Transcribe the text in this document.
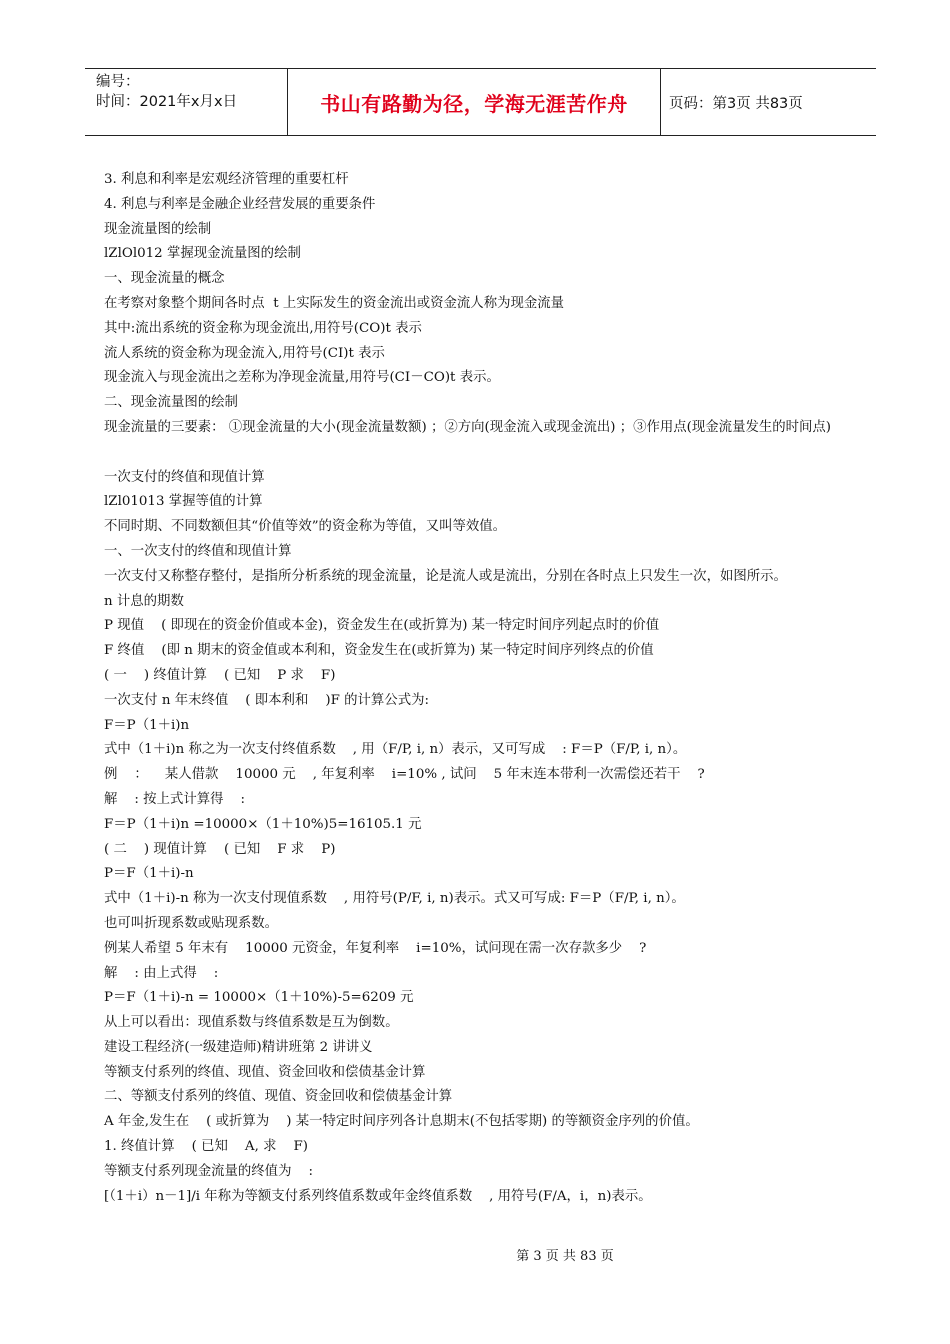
编号：
时间：2021年x月x日	书山有路勤为径，学海无涯苦作舟	页码：第3页 共83页

3. 利息和利率是宏观经济管理的重要杠杆

4. 利息与利率是金融企业经营发展的重要条件

现金流量图的绘制

lZlOl012 掌握现金流量图的绘制

一、现金流量的概念

在考察对象整个期间各时点  t 上实际发生的资金流出或资金流人称为现金流量

其中:流出系统的资金称为现金流出,用符号(CO)t 表示

流人系统的资金称为现金流入,用符号(CI)t 表示

现金流入与现金流出之差称为净现金流量,用符号(CI－CO)t 表示。

二、现金流量图的绘制

现金流量的三要素： ①现金流量的大小(现金流量数额) ；②方向(现金流入或现金流出) ；③作用点(现金流量发生的时间点)

一次支付的终值和现值计算

lZl01013 掌握等值的计算

不同时期、不同数额但其“价值等效”的资金称为等值，又叫等效值。

一、一次支付的终值和现值计算

一次支付又称整存整付，是指所分析系统的现金流量，论是流人或是流出，分别在各时点上只发生一次，如图所示。

n 计息的期数

P 现值    ( 即现在的资金价值或本金)，资金发生在(或折算为) 某一特定时间序列起点时的价值

F 终值    (即 n 期末的资金值或本利和，资金发生在(或折算为) 某一特定时间序列终点的价值

( 一    ) 终值计算    ( 已知    P 求    F)

一次支付 n 年末终值    ( 即本利和    )F 的计算公式为:

F＝P（1＋i)n

式中（1＋i)n 称之为一次支付终值系数    , 用（F/P, i, n）表示，又可写成    : F＝P（F/P, i, n）。

例    ：    某人借款    10000 元    , 年复利率    i=10% , 试问    5 年末连本带利一次需偿还若干    ?

解    : 按上式计算得    :

F＝P（1＋i)n =10000×（1＋10%)5=16105.1 元

( 二    ) 现值计算    ( 已知    F 求    P)

P＝F（1＋i)-n

式中（1＋i)-n 称为一次支付现值系数    , 用符号(P/F, i, n)表示。式又可写成: F＝P（F/P, i, n）。

也可叫折现系数或贴现系数。

例某人希望 5 年末有    10000 元资金，年复利率    i=10%，试问现在需一次存款多少    ?

解    : 由上式得    :

P＝F（1＋i)-n = 10000×（1＋10%)-5=6209 元

从上可以看出：现值系数与终值系数是互为倒数。

建设工程经济(一级建造师)精讲班第 2 讲讲义

等额支付系列的终值、现值、资金回收和偿债基金计算

二、等额支付系列的终值、现值、资金回收和偿债基金计算

A 年金,发生在    ( 或折算为    ) 某一特定时间序列各计息期末(不包括零期) 的等额资金序列的价值。

1. 终值计算    ( 已知    A, 求    F)

等额支付系列现金流量的终值为    :

[（1＋i）n－1]/i 年称为等额支付系列终值系数或年金终值系数    , 用符号(F/A，i，n)表示。

第 3 页 共 83 页
